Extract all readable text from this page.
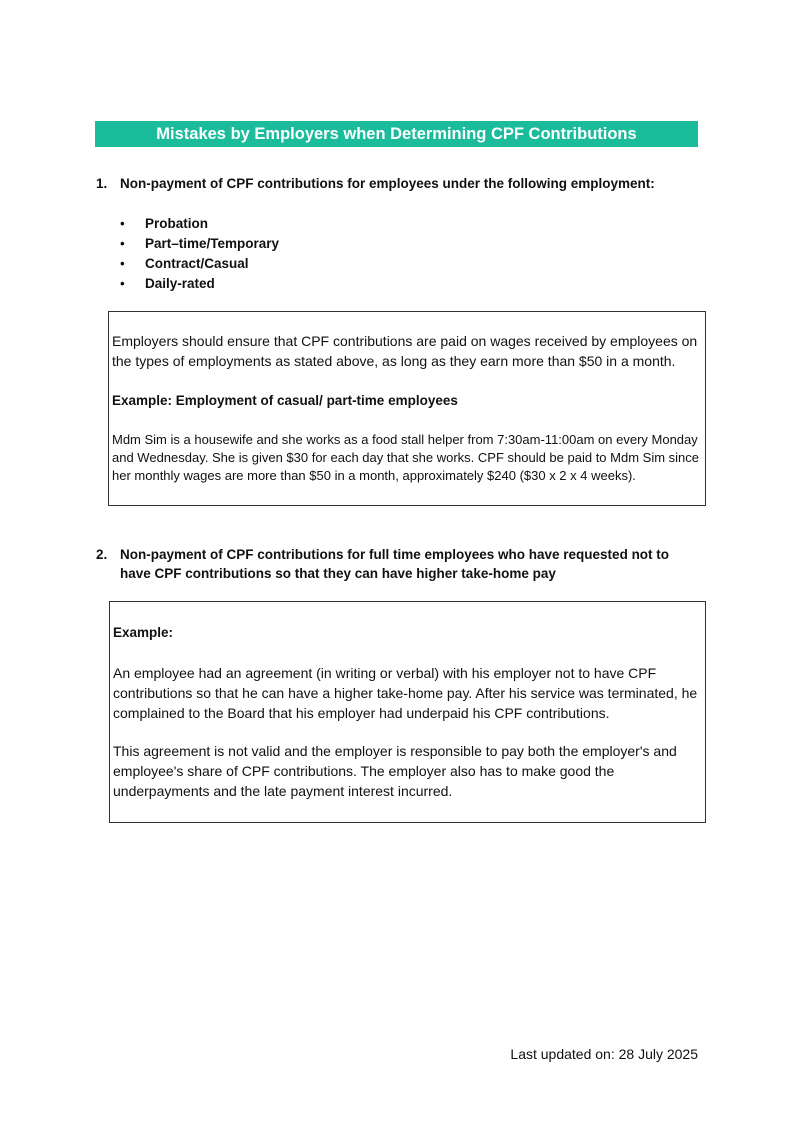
Mistakes by Employers when Determining CPF Contributions
1. Non-payment of CPF contributions for employees under the following employment:
• Probation
• Part–time/Temporary
• Contract/Casual
• Daily-rated

Employers should ensure that CPF contributions are paid on wages received by employees on the types of employments as stated above, as long as they earn more than $50 in a month.

Example: Employment of casual/ part-time employees

Mdm Sim is a housewife and she works as a food stall helper from 7:30am-11:00am on every Monday and Wednesday. She is given $30 for each day that she works. CPF should be paid to Mdm Sim since her monthly wages are more than $50 in a month, approximately $240 ($30 x 2 x 4 weeks).

2. Non-payment of CPF contributions for full time employees who have requested not to have CPF contributions so that they can have higher take-home pay

Example:

An employee had an agreement (in writing or verbal) with his employer not to have CPF contributions so that he can have a higher take-home pay. After his service was terminated, he complained to the Board that his employer had underpaid his CPF contributions.

This agreement is not valid and the employer is responsible to pay both the employer's and employee's share of CPF contributions. The employer also has to make good the underpayments and the late payment interest incurred.

Last updated on: 28 July 2025
